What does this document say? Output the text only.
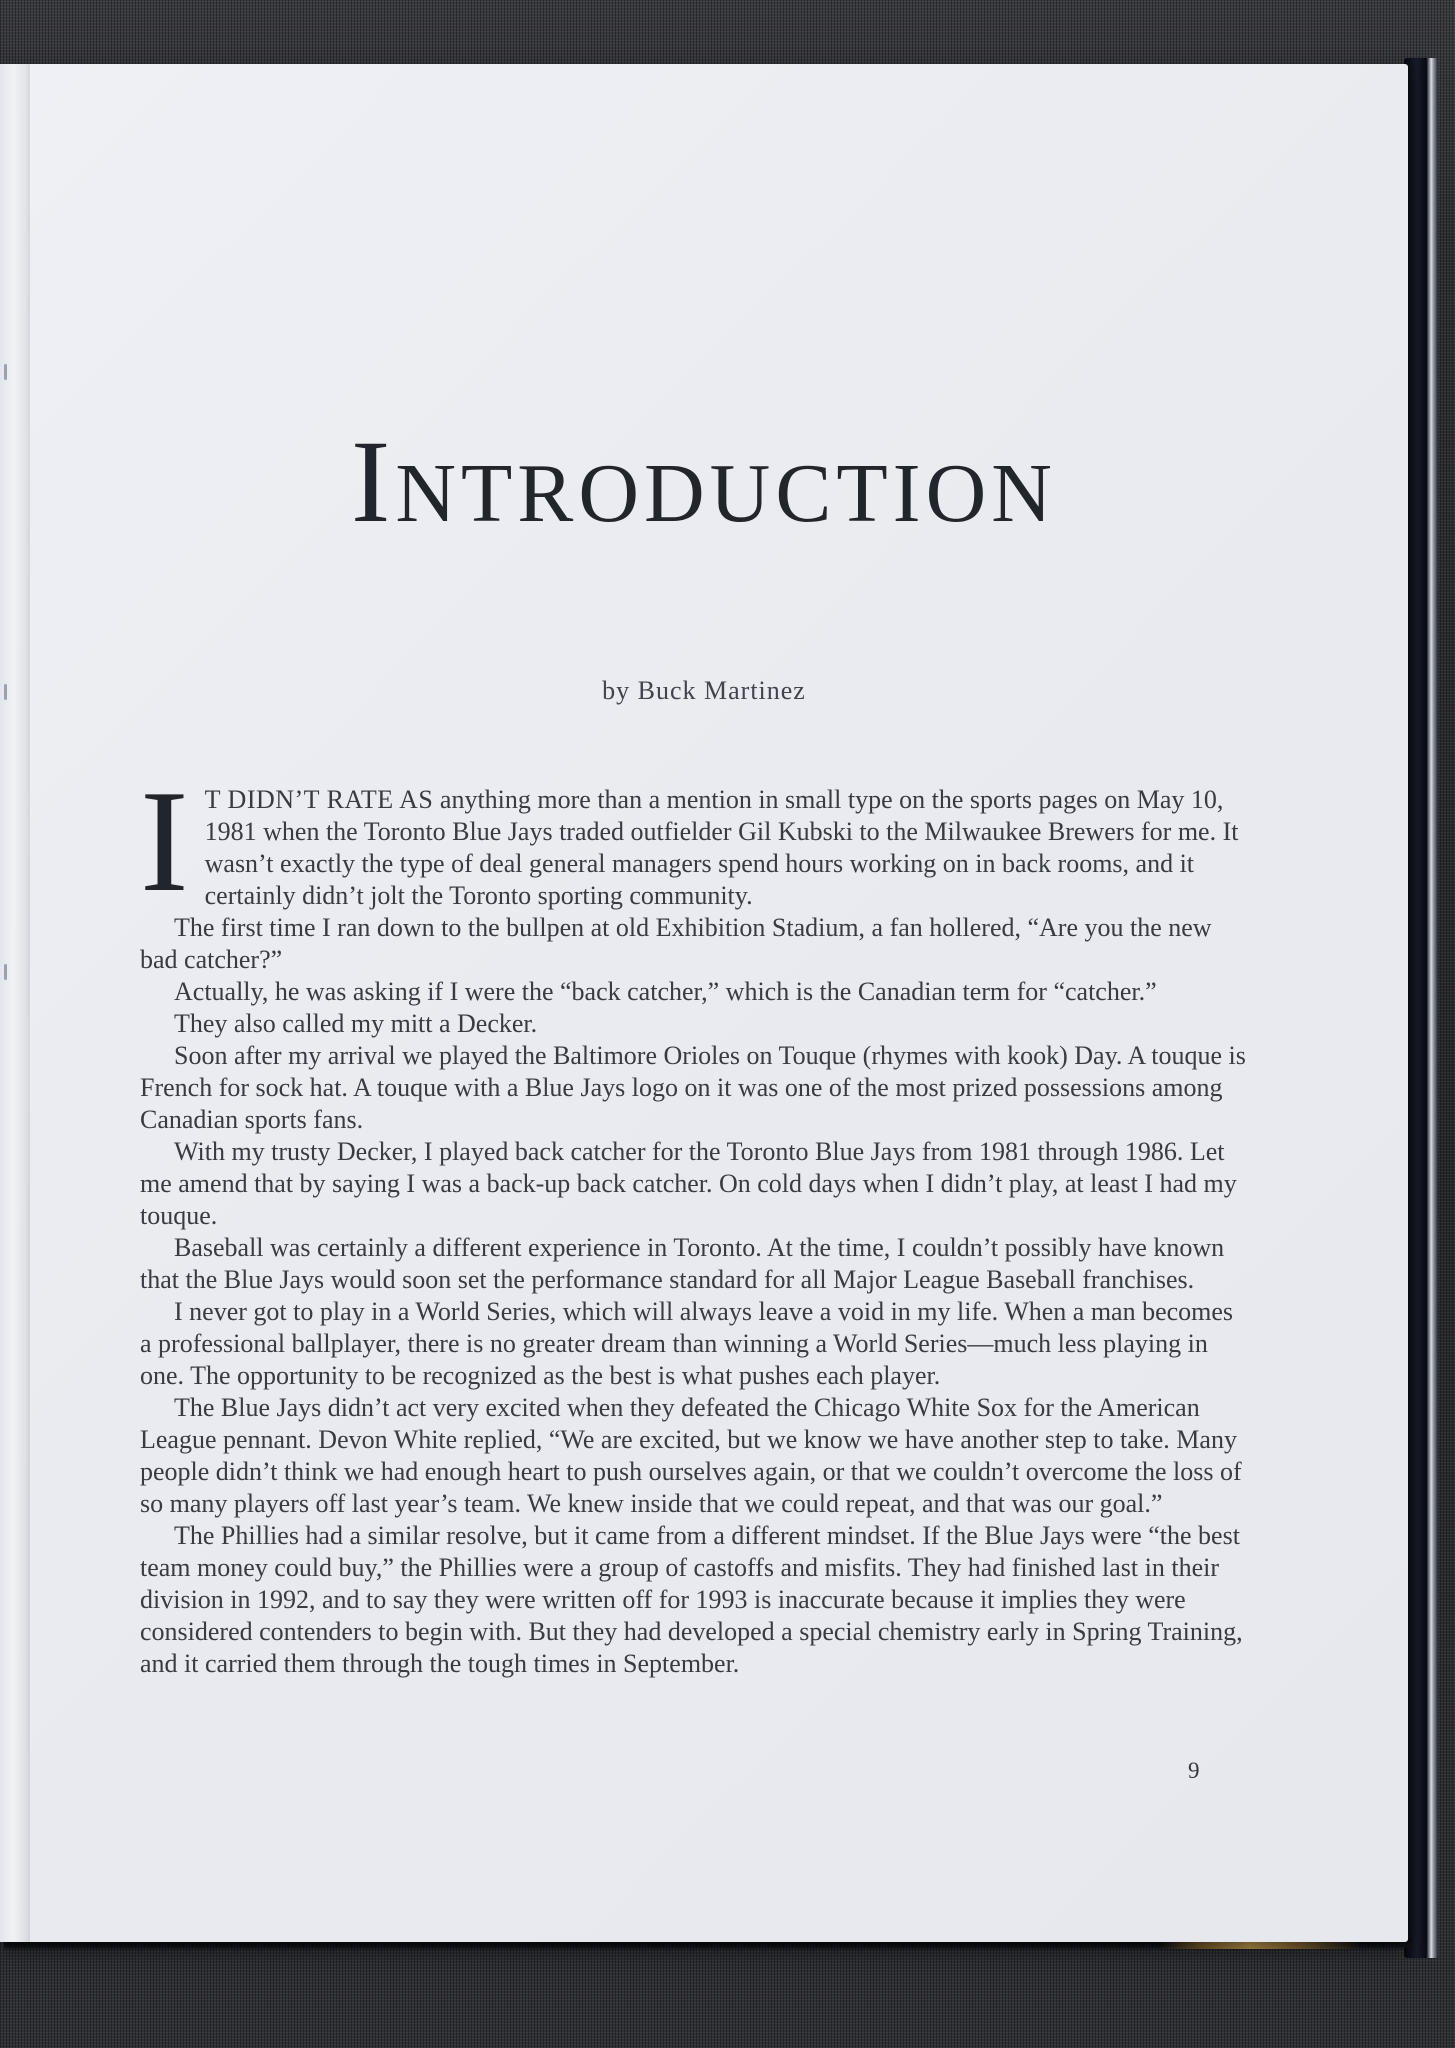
INTRODUCTION
by Buck Martinez

I T DIDN’T RATE AS anything more than a mention in small type on the sports pages on May 10, 1981 when the Toronto Blue Jays traded outfielder Gil Kubski to the Milwaukee Brewers for me. It wasn’t exactly the type of deal general managers spend hours working on in back rooms, and it certainly didn’t jolt the Toronto sporting community.

The first time I ran down to the bullpen at old Exhibition Stadium, a fan hollered, “Are you the new bad catcher?”

Actually, he was asking if I were the “back catcher,” which is the Canadian term for “catcher.”

They also called my mitt a Decker.

Soon after my arrival we played the Baltimore Orioles on Touque (rhymes with kook) Day. A touque is French for sock hat. A touque with a Blue Jays logo on it was one of the most prized possessions among Canadian sports fans.

With my trusty Decker, I played back catcher for the Toronto Blue Jays from 1981 through 1986. Let me amend that by saying I was a back-up back catcher. On cold days when I didn’t play, at least I had my touque.

Baseball was certainly a different experience in Toronto. At the time, I couldn’t possibly have known that the Blue Jays would soon set the performance standard for all Major League Baseball franchises.

I never got to play in a World Series, which will always leave a void in my life. When a man becomes a professional ballplayer, there is no greater dream than winning a World Series—much less playing in one. The opportunity to be recognized as the best is what pushes each player.

The Blue Jays didn’t act very excited when they defeated the Chicago White Sox for the American League pennant. Devon White replied, “We are excited, but we know we have another step to take. Many people didn’t think we had enough heart to push ourselves again, or that we couldn’t overcome the loss of so many players off last year’s team. We knew inside that we could repeat, and that was our goal.”

The Phillies had a similar resolve, but it came from a different mindset. If the Blue Jays were “the best team money could buy,” the Phillies were a group of castoffs and misfits. They had finished last in their division in 1992, and to say they were written off for 1993 is inaccurate because it implies they were considered contenders to begin with. But they had developed a special chemistry early in Spring Training, and it carried them through the tough times in September.

9
